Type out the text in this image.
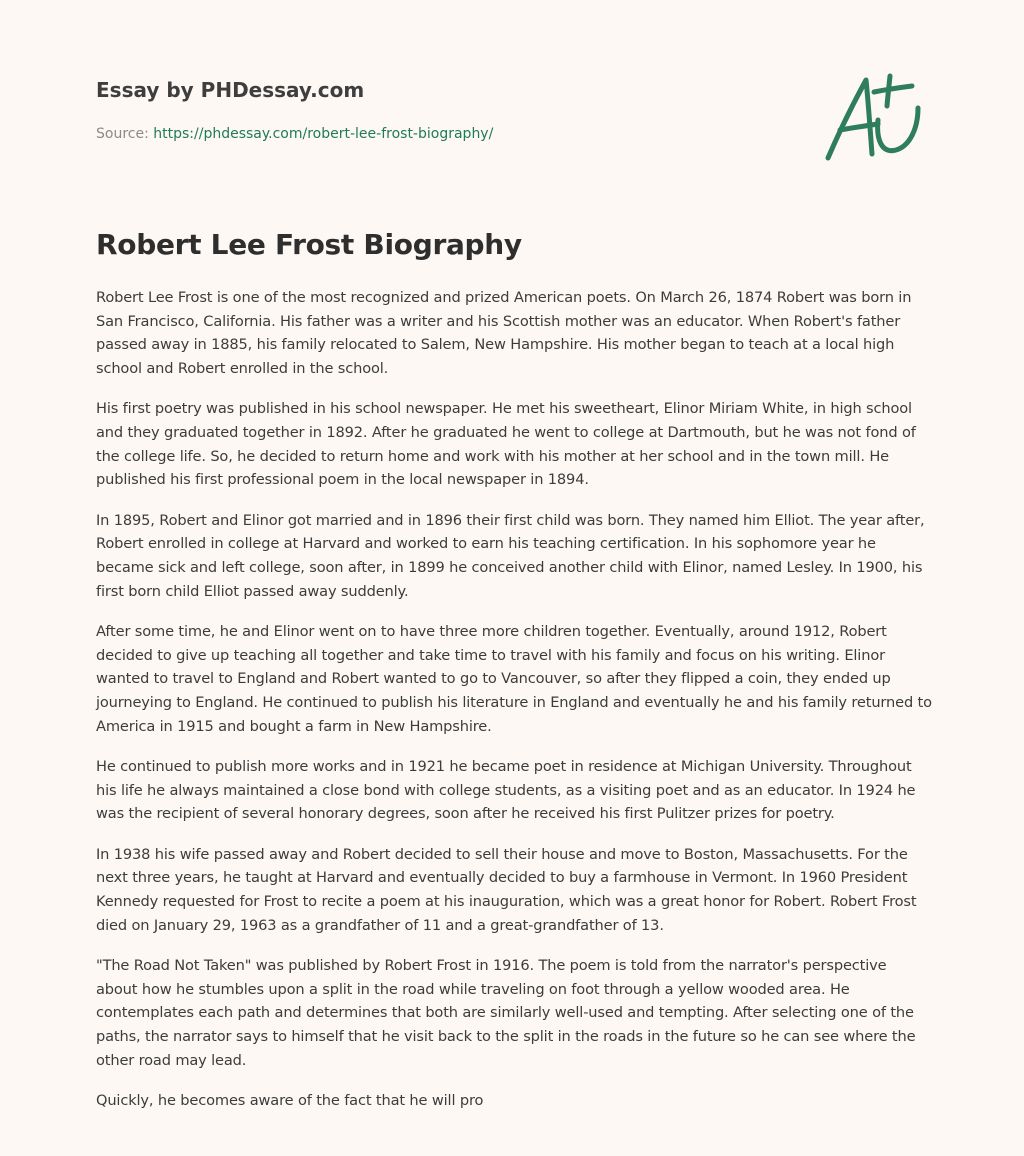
Essay by PHDessay.com
Source: https://phdessay.com/robert-lee-frost-biography/
Robert Lee Frost Biography

Robert Lee Frost is one of the most recognized and prized American poets. On March 26, 1874 Robert was born in San Francisco, California. His father was a writer and his Scottish mother was an educator. When Robert's father passed away in 1885, his family relocated to Salem, New Hampshire. His mother began to teach at a local high school and Robert enrolled in the school.

His first poetry was published in his school newspaper. He met his sweetheart, Elinor Miriam White, in high school and they graduated together in 1892. After he graduated he went to college at Dartmouth, but he was not fond of the college life. So, he decided to return home and work with his mother at her school and in the town mill. He published his first professional poem in the local newspaper in 1894.

In 1895, Robert and Elinor got married and in 1896 their first child was born. They named him Elliot. The year after, Robert enrolled in college at Harvard and worked to earn his teaching certification. In his sophomore year he became sick and left college, soon after, in 1899 he conceived another child with Elinor, named Lesley. In 1900, his first born child Elliot passed away suddenly.

After some time, he and Elinor went on to have three more children together. Eventually, around 1912, Robert decided to give up teaching all together and take time to travel with his family and focus on his writing. Elinor wanted to travel to England and Robert wanted to go to Vancouver, so after they flipped a coin, they ended up journeying to England. He continued to publish his literature in England and eventually he and his family returned to America in 1915 and bought a farm in New Hampshire.

He continued to publish more works and in 1921 he became poet in residence at Michigan University. Throughout his life he always maintained a close bond with college students, as a visiting poet and as an educator. In 1924 he was the recipient of several honorary degrees, soon after he received his first Pulitzer prizes for poetry.

In 1938 his wife passed away and Robert decided to sell their house and move to Boston, Massachusetts. For the next three years, he taught at Harvard and eventually decided to buy a farmhouse in Vermont. In 1960 President Kennedy requested for Frost to recite a poem at his inauguration, which was a great honor for Robert. Robert Frost died on January 29, 1963 as a grandfather of 11 and a great-grandfather of 13.

"The Road Not Taken" was published by Robert Frost in 1916. The poem is told from the narrator's perspective about how he stumbles upon a split in the road while traveling on foot through a yellow wooded area. He contemplates each path and determines that both are similarly well-used and tempting. After selecting one of the paths, the narrator says to himself that he visit back to the split in the roads in the future so he can see where the other road may lead.

Quickly, he becomes aware of the fact that he will pro
